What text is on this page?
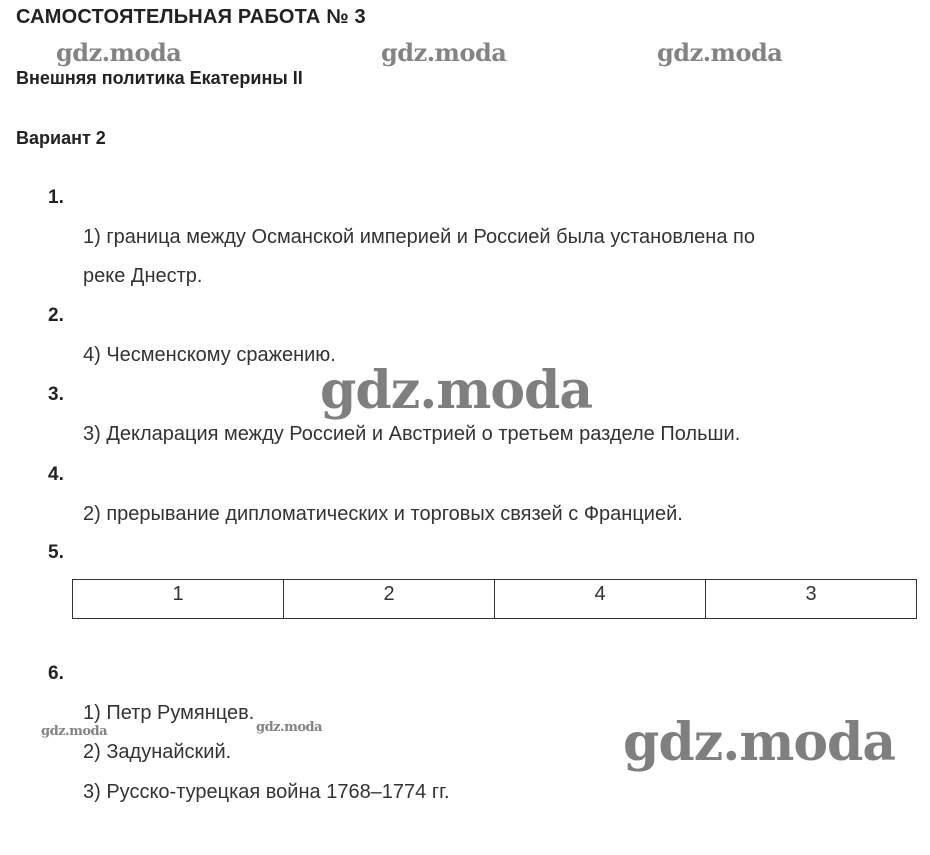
САМОСТОЯТЕЛЬНАЯ РАБОТА № 3
Внешняя политика Екатерины II
Вариант 2
1.
1) граница между Османской империей и Россией была установлена по
реке Днестр.
2.
4) Чесменскому сражению.
3.
3) Декларация между Россией и Австрией о третьем разделе Польши.
4.
2) прерывание дипломатических и торговых связей с Францией.
5.
1	2	4	3
6.
1) Петр Румянцев.
2) Задунайский.
3) Русско-турецкая война 1768–1774 гг.
gdz.moda	gdz.moda	gdz.moda
gdz.moda
gdz.moda	gdz.moda	gdz.moda
